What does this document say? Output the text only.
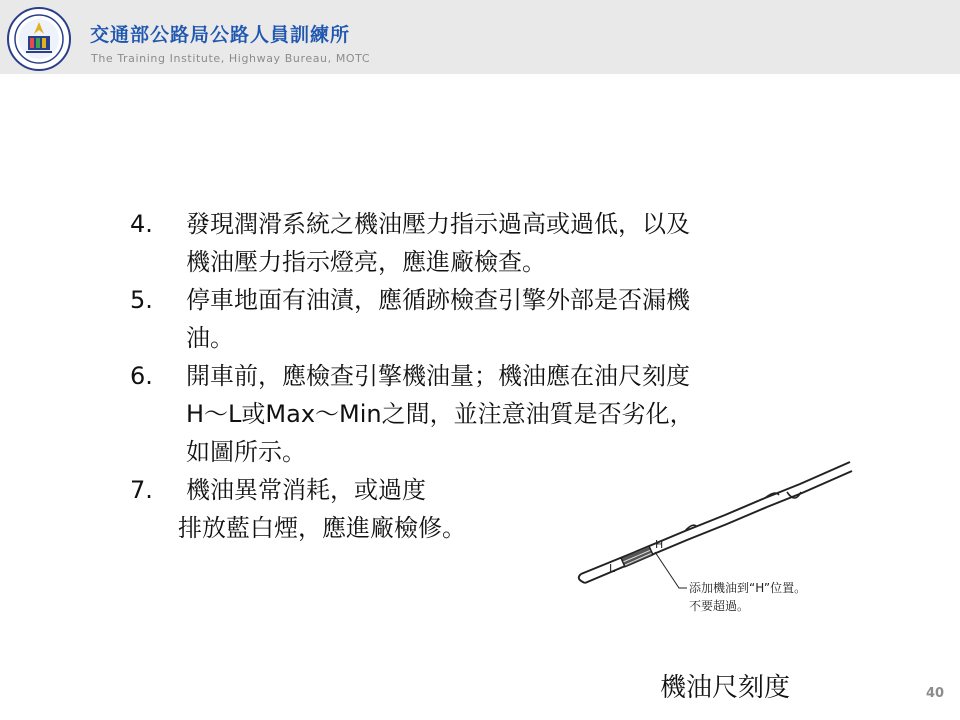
交通部公路局公路人員訓練所
The Training Institute, Highway Bureau, MOTC
4. 發現潤滑系統之機油壓力指示過高或過低，以及
機油壓力指示燈亮，應進廠檢查。
5. 停車地面有油漬，應循跡檢查引擎外部是否漏機
油。
6. 開車前，應檢查引擎機油量；機油應在油尺刻度
H～L或Max～Min之間，並注意油質是否劣化，
如圖所示。
7. 機油異常消耗，或過度
排放藍白煙，應進廠檢修。
L
H
添加機油到“H”位置。
不要超過。
機油尺刻度	40
